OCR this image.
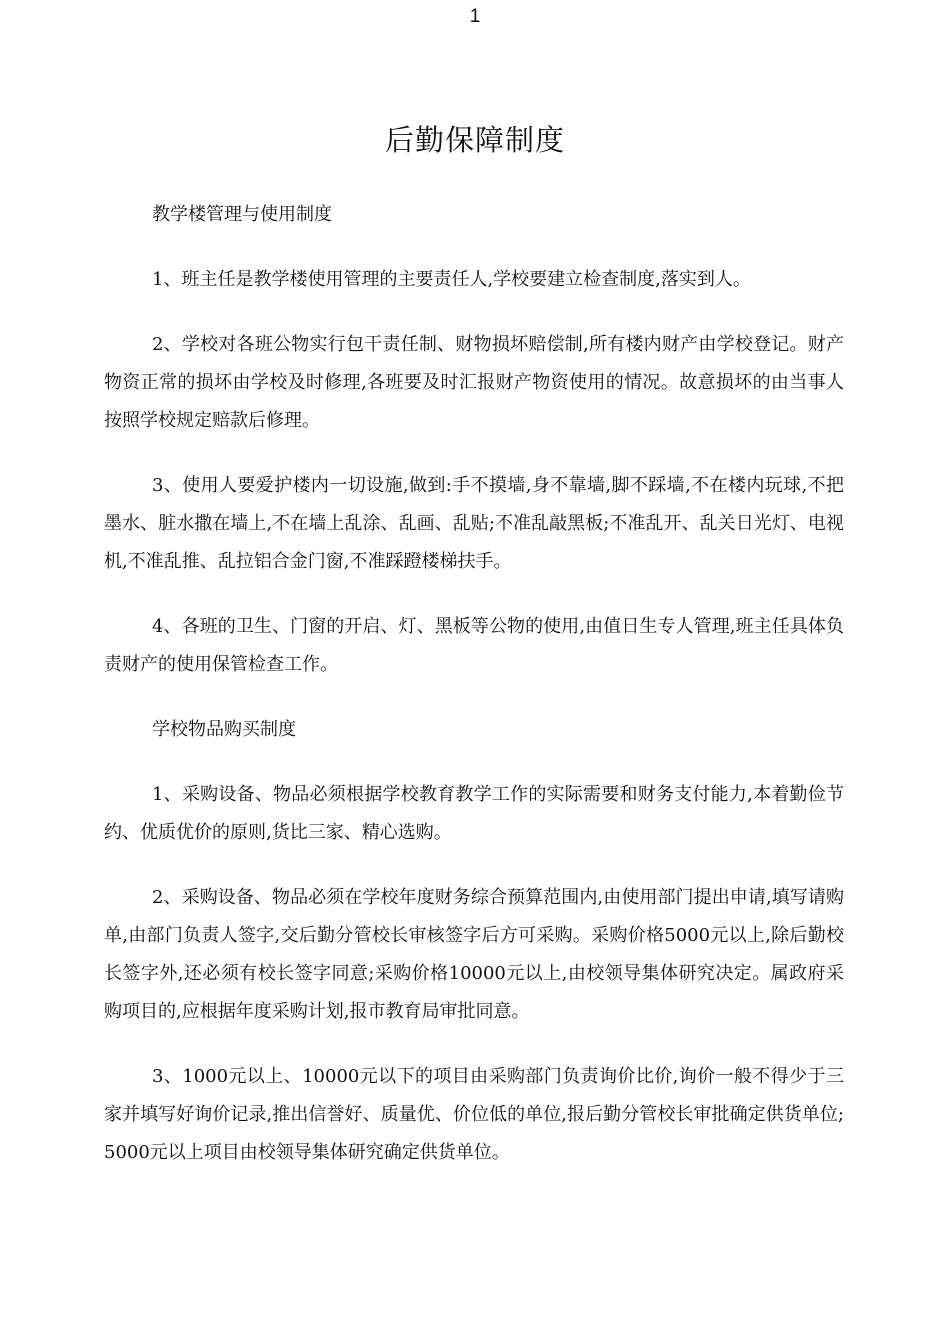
1
后勤保障制度

教学楼管理与使用制度

1、班主任是教学楼使用管理的主要责任人,学校要建立检查制度,落实到人。

2、学校对各班公物实行包干责任制、财物损坏赔偿制,所有楼内财产由学校登记。财产物资正常的损坏由学校及时修理,各班要及时汇报财产物资使用的情况。故意损坏的由当事人按照学校规定赔款后修理。

3、使用人要爱护楼内一切设施,做到:手不摸墙,身不靠墙,脚不踩墙,不在楼内玩球,不把墨水、脏水撒在墙上,不在墙上乱涂、乱画、乱贴;不准乱敲黑板;不准乱开、乱关日光灯、电视机,不准乱推、乱拉铝合金门窗,不准踩蹬楼梯扶手。

4、各班的卫生、门窗的开启、灯、黑板等公物的使用,由值日生专人管理,班主任具体负责财产的使用保管检查工作。

学校物品购买制度

1、采购设备、物品必须根据学校教育教学工作的实际需要和财务支付能力,本着勤俭节约、优质优价的原则,货比三家、精心选购。

2、采购设备、物品必须在学校年度财务综合预算范围内,由使用部门提出申请,填写请购单,由部门负责人签字,交后勤分管校长审核签字后方可采购。采购价格5000元以上,除后勤校长签字外,还必须有校长签字同意;采购价格10000元以上,由校领导集体研究决定。属政府采购项目的,应根据年度采购计划,报市教育局审批同意。

3、1000元以上、10000元以下的项目由采购部门负责询价比价,询价一般不得少于三家并填写好询价记录,推出信誉好、质量优、价位低的单位,报后勤分管校长审批确定供货单位;5000元以上项目由校领导集体研究确定供货单位。
